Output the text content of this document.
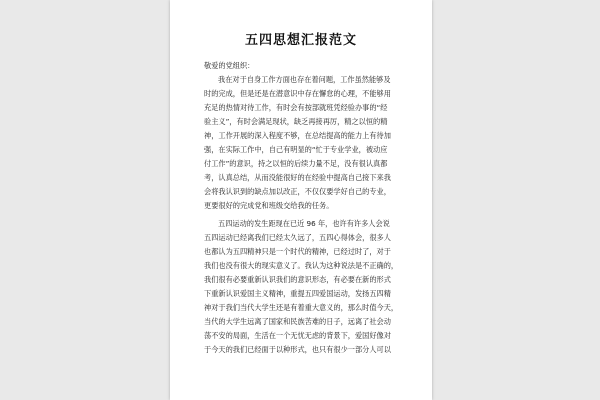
五四思想汇报范文
敬爱的党组织：
我在对于自身工作方面也存在着问题，工作虽然能够及
时的完成，但是还是在潜意识中存在懈怠的心理，不能够用
充足的热情对待工作，有时会有按部就班凭经验办事的“经
验主义”，有时会满足现状，缺乏再接再厉，精之以恒的精
神，工作开展的深入程度不够，在总结提高的能力上有待加
强，在实际工作中，自己有明显的“忙于专业学业，被动应
付工作”的意识，持之以恒的后续力量不足，没有很认真都
考，认真总结，从而没能很好的在经验中提高自己接下来我
会将我认识到的缺点加以改正，不仅仅要学好自己的专业，
更要很好的完成党和班级交给我的任务。
五四运动的发生距现在已近 96 年，也许有许多人会说
五四运动已经离我们已经太久远了，五四心得体会，很多人
也都认为五四精神只是一个时代的精神，已经过时了，对于
我们也没有很大的现实意义了。我认为这种说法是不正确的，
我们很有必要重新认识我们的意识形态，有必要在新的形式
下重新认识爱国主义精神，重提五四爱国运动，发扬五四精
神对于我们当代大学生还是有着重大意义的，那么时值今天，
当代的大学生远离了国家和民族苦难的日子，远离了社会动
荡不安的局面，生活在一个无忧无虑的背景下，爱国好像对
于今天的我们已经面于以种形式，也只有很少一部分人可以
